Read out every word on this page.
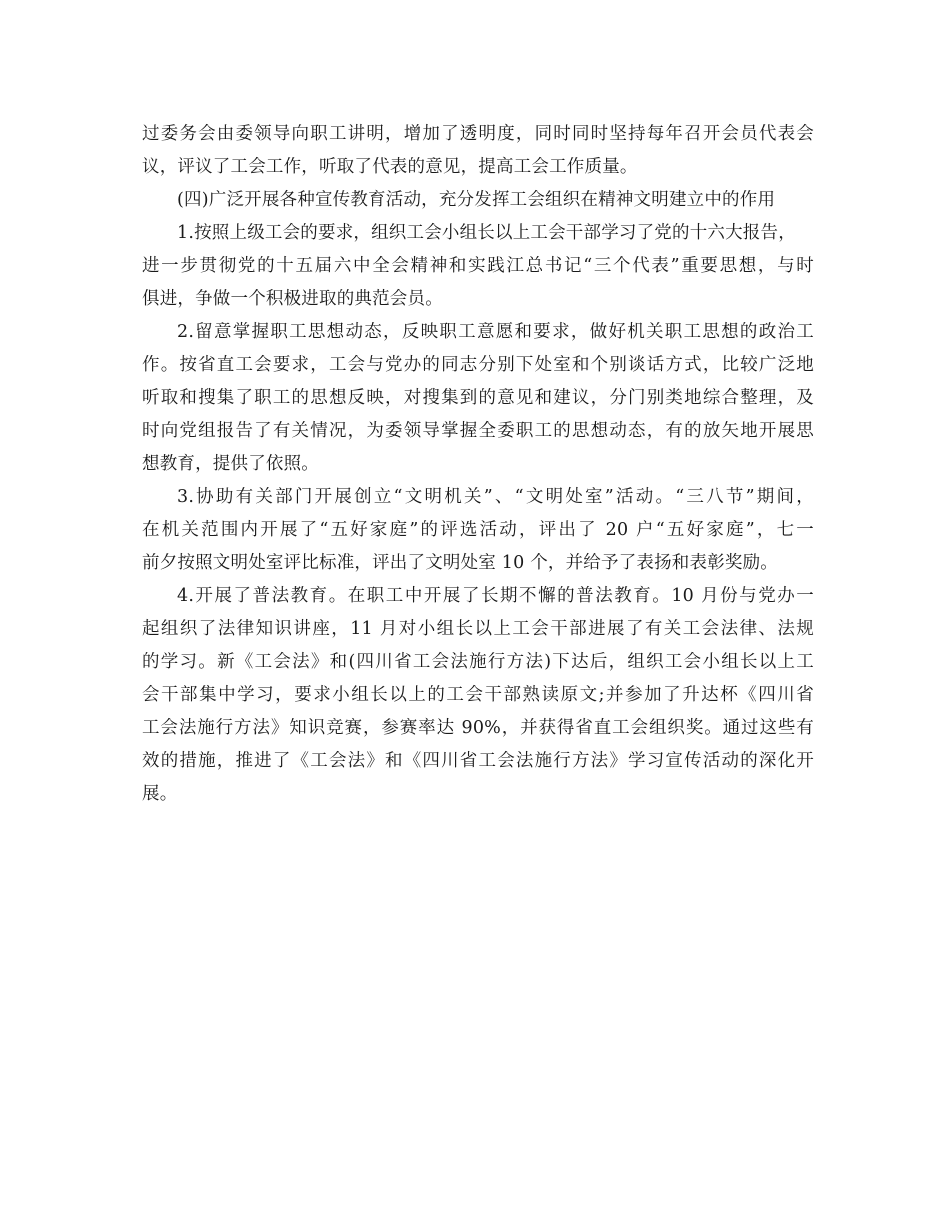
过委务会由委领导向职工讲明，增加了透明度，同时同时坚持每年召开会员代表会
议，评议了工会工作，听取了代表的意见，提高工会工作质量。
(四)广泛开展各种宣传教育活动，充分发挥工会组织在精神文明建立中的作用
1.按照上级工会的要求，组织工会小组长以上工会干部学习了党的十六大报告，
进一步贯彻党的十五届六中全会精神和实践江总书记“三个代表”重要思想，与时
俱进，争做一个积极进取的典范会员。
2.留意掌握职工思想动态，反映职工意愿和要求，做好机关职工思想的政治工
作。按省直工会要求，工会与党办的同志分别下处室和个别谈话方式，比较广泛地
听取和搜集了职工的思想反映，对搜集到的意见和建议，分门别类地综合整理，及
时向党组报告了有关情况，为委领导掌握全委职工的思想动态，有的放矢地开展思
想教育，提供了依照。
3.协助有关部门开展创立“文明机关”、“文明处室”活动。“三八节”期间，
在机关范围内开展了“五好家庭”的评选活动，评出了 20 户“五好家庭”，七一
前夕按照文明处室评比标准，评出了文明处室 10 个，并给予了表扬和表彰奖励。
4.开展了普法教育。在职工中开展了长期不懈的普法教育。10 月份与党办一
起组织了法律知识讲座，11 月对小组长以上工会干部进展了有关工会法律、法规
的学习。新《工会法》和(四川省工会法施行方法)下达后，组织工会小组长以上工
会干部集中学习，要求小组长以上的工会干部熟读原文;并参加了升达杯《四川省
工会法施行方法》知识竞赛，参赛率达 90%，并获得省直工会组织奖。通过这些有
效的措施，推进了《工会法》和《四川省工会法施行方法》学习宣传活动的深化开
展。
